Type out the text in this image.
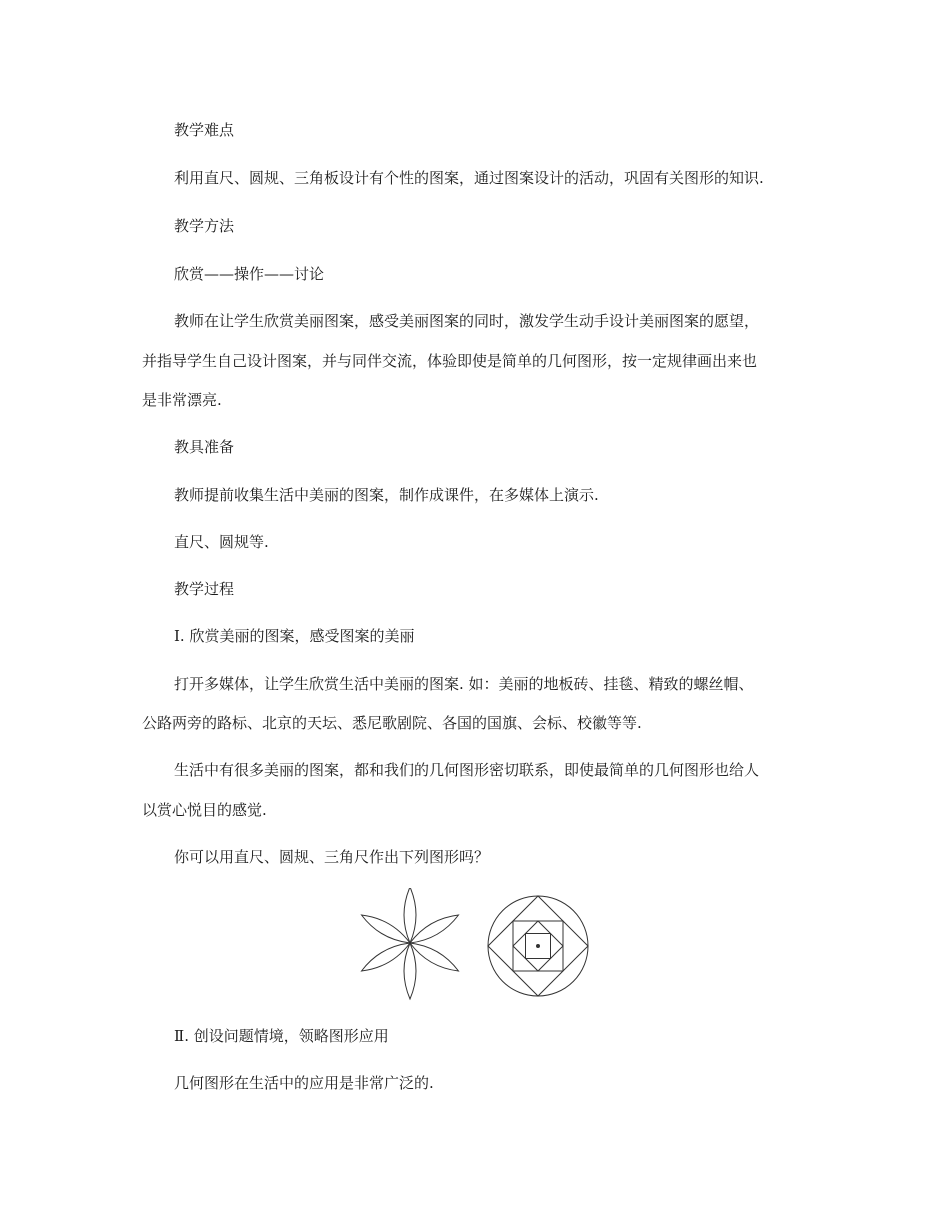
教学难点

利用直尺、圆规、三角板设计有个性的图案，通过图案设计的活动，巩固有关图形的知识.

教学方法

欣赏——操作——讨论

教师在让学生欣赏美丽图案，感受美丽图案的同时，激发学生动手设计美丽图案的愿望，

并指导学生自己设计图案，并与同伴交流，体验即使是简单的几何图形，按一定规律画出来也

是非常漂亮.

教具准备

教师提前收集生活中美丽的图案，制作成课件，在多媒体上演示.

直尺、圆规等.

教学过程

Ⅰ. 欣赏美丽的图案，感受图案的美丽

打开多媒体，让学生欣赏生活中美丽的图案. 如：美丽的地板砖、挂毯、精致的螺丝帽、

公路两旁的路标、北京的天坛、悉尼歌剧院、各国的国旗、会标、校徽等等.

生活中有很多美丽的图案，都和我们的几何图形密切联系，即使最简单的几何图形也给人

以赏心悦目的感觉.

你可以用直尺、圆规、三角尺作出下列图形吗？

Ⅱ. 创设问题情境，领略图形应用

几何图形在生活中的应用是非常广泛的.
